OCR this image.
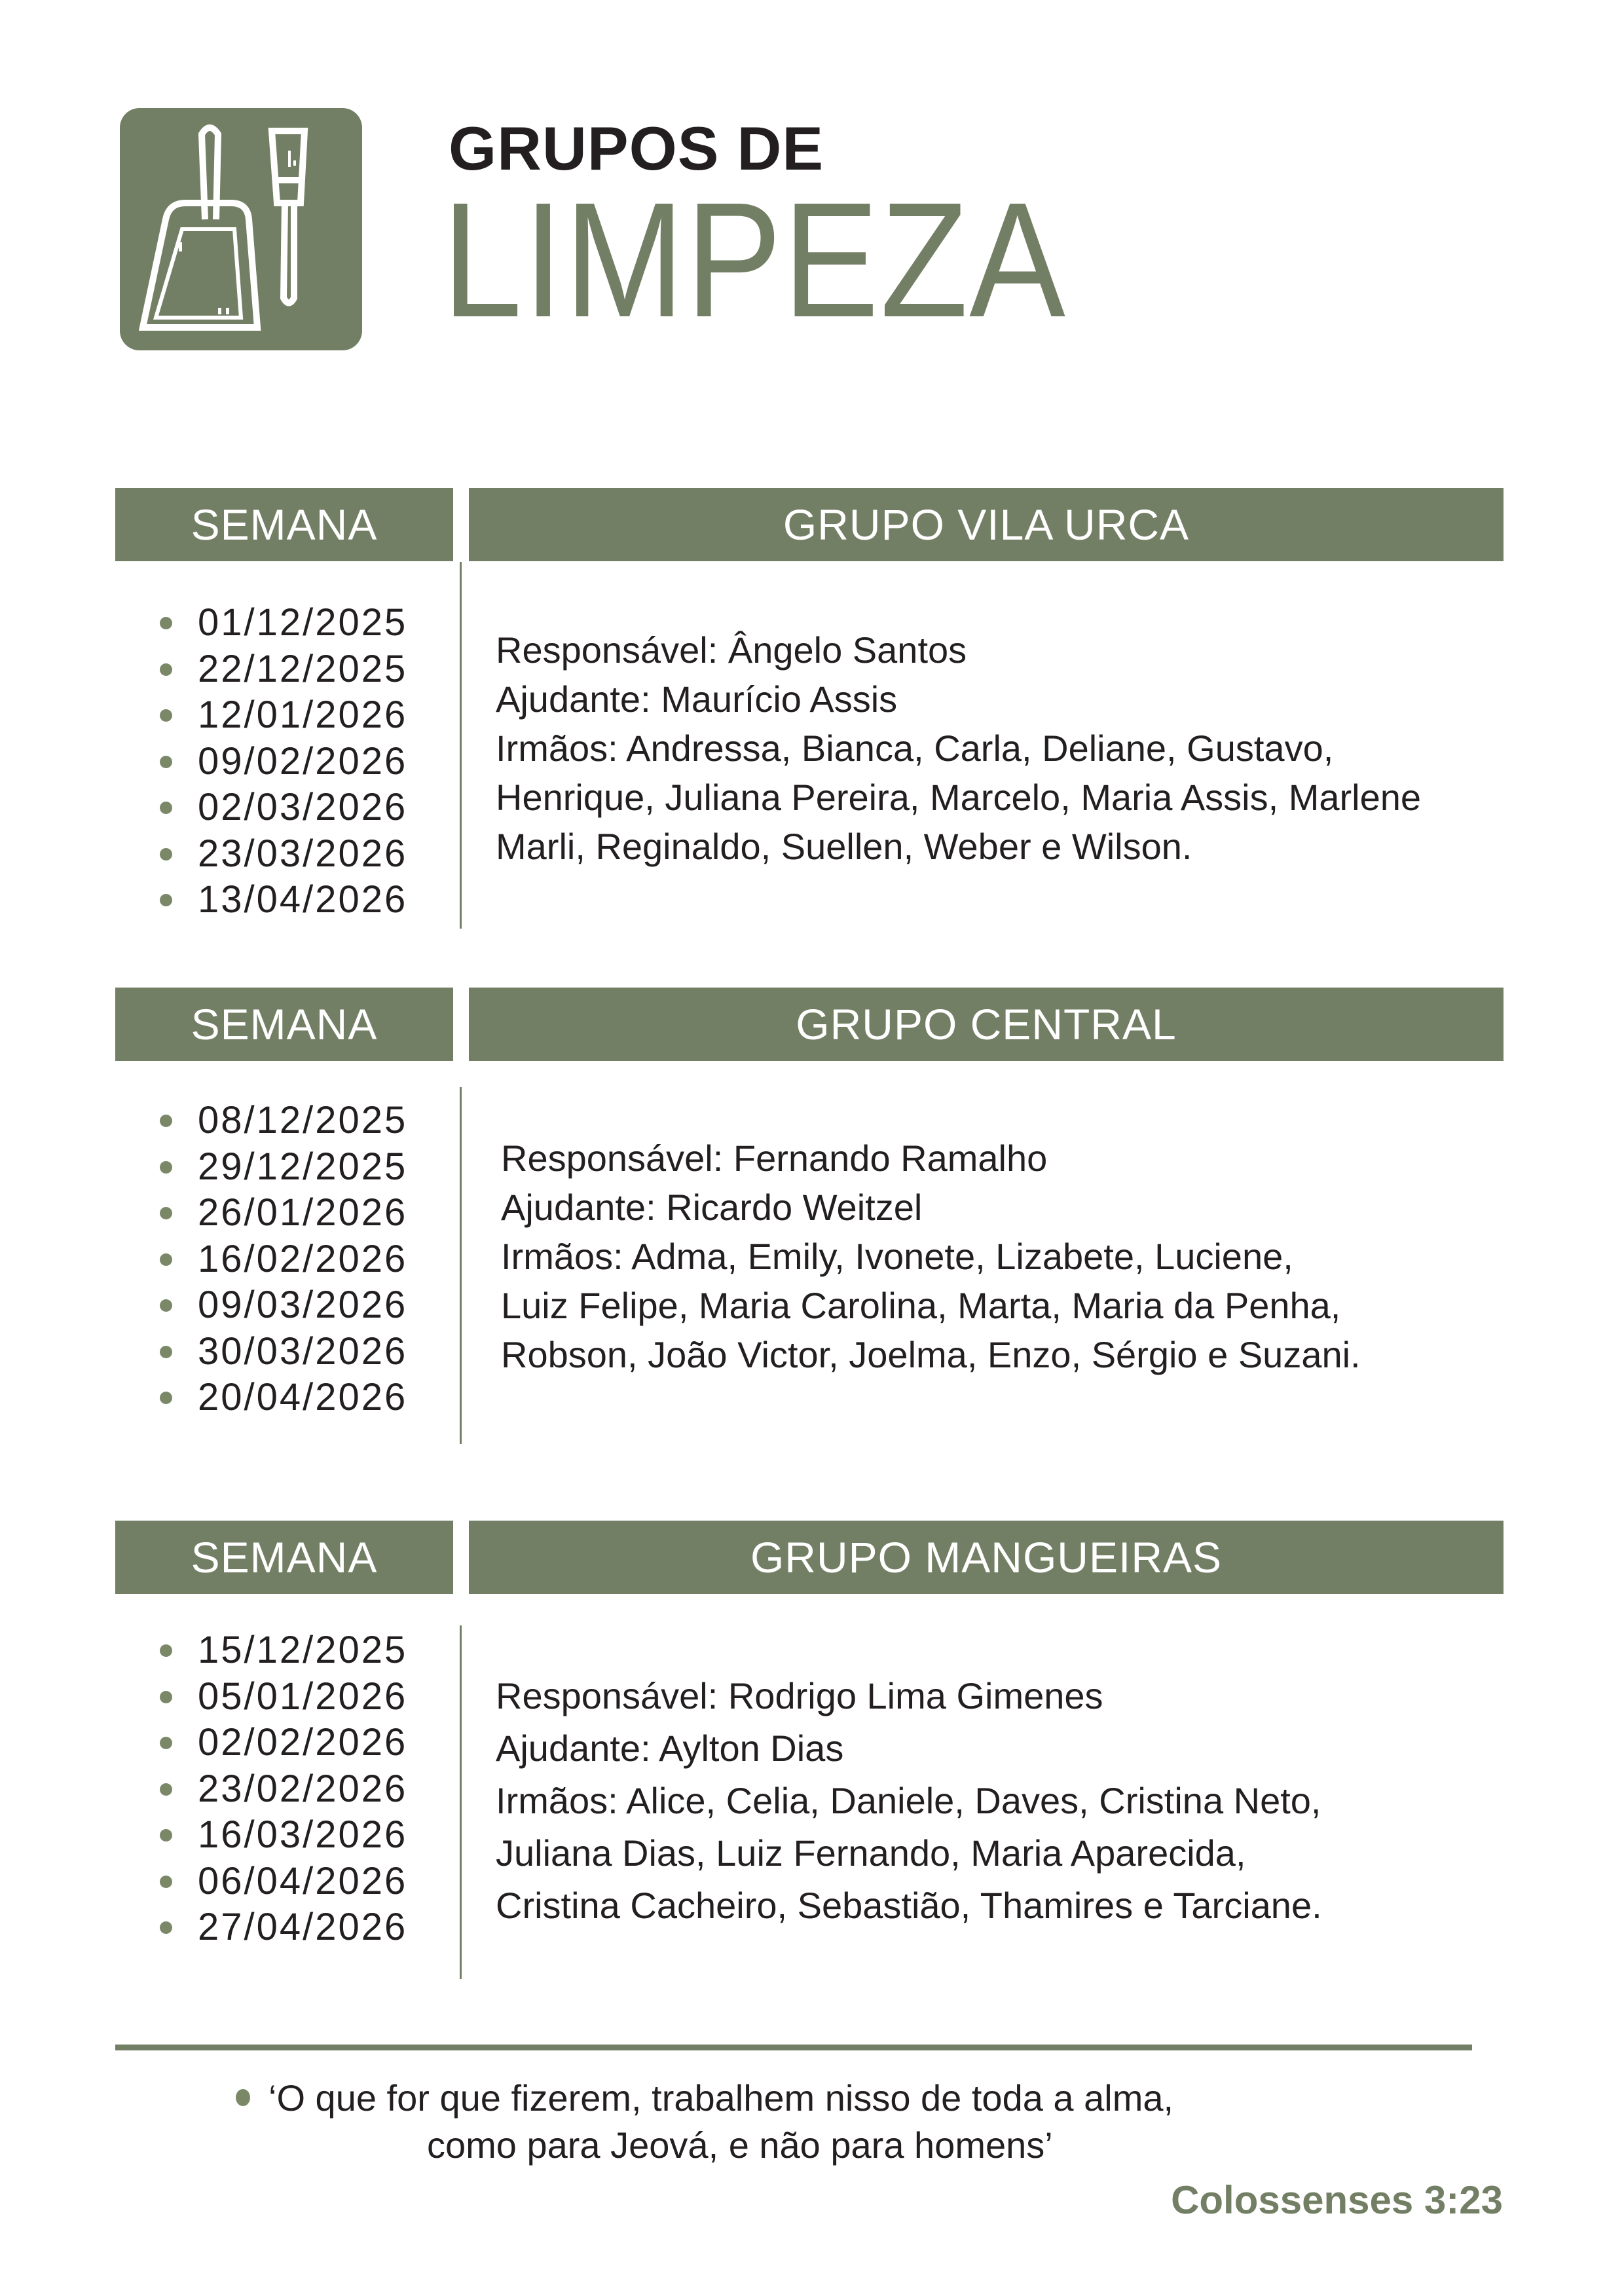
GRUPOS DE
LIMPEZA
SEMANA	GRUPO VILA URCA
01/12/2025
22/12/2025
12/01/2026
09/02/2026
02/03/2026
23/03/2026
13/04/2026
Responsável: Ângelo Santos
Ajudante: Maurício Assis
Irmãos: Andressa, Bianca, Carla, Deliane, Gustavo,
Henrique, Juliana Pereira, Marcelo, Maria Assis, Marlene
Marli, Reginaldo, Suellen, Weber e Wilson.
SEMANA	GRUPO CENTRAL
08/12/2025
29/12/2025
26/01/2026
16/02/2026
09/03/2026
30/03/2026
20/04/2026
Responsável: Fernando Ramalho
Ajudante: Ricardo Weitzel
Irmãos: Adma, Emily, Ivonete, Lizabete, Luciene,
Luiz Felipe, Maria Carolina, Marta, Maria da Penha,
Robson, João Victor, Joelma, Enzo, Sérgio e Suzani.
SEMANA	GRUPO MANGUEIRAS
15/12/2025
05/01/2026
02/02/2026
23/02/2026
16/03/2026
06/04/2026
27/04/2026
Responsável: Rodrigo Lima Gimenes
Ajudante: Aylton Dias
Irmãos: Alice, Celia, Daniele, Daves, Cristina Neto,
Juliana Dias, Luiz Fernando, Maria Aparecida,
Cristina Cacheiro, Sebastião, Thamires e Tarciane.
‘O que for que fizerem, trabalhem nisso de toda a alma,
como para Jeová, e não para homens’
Colossenses 3:23
